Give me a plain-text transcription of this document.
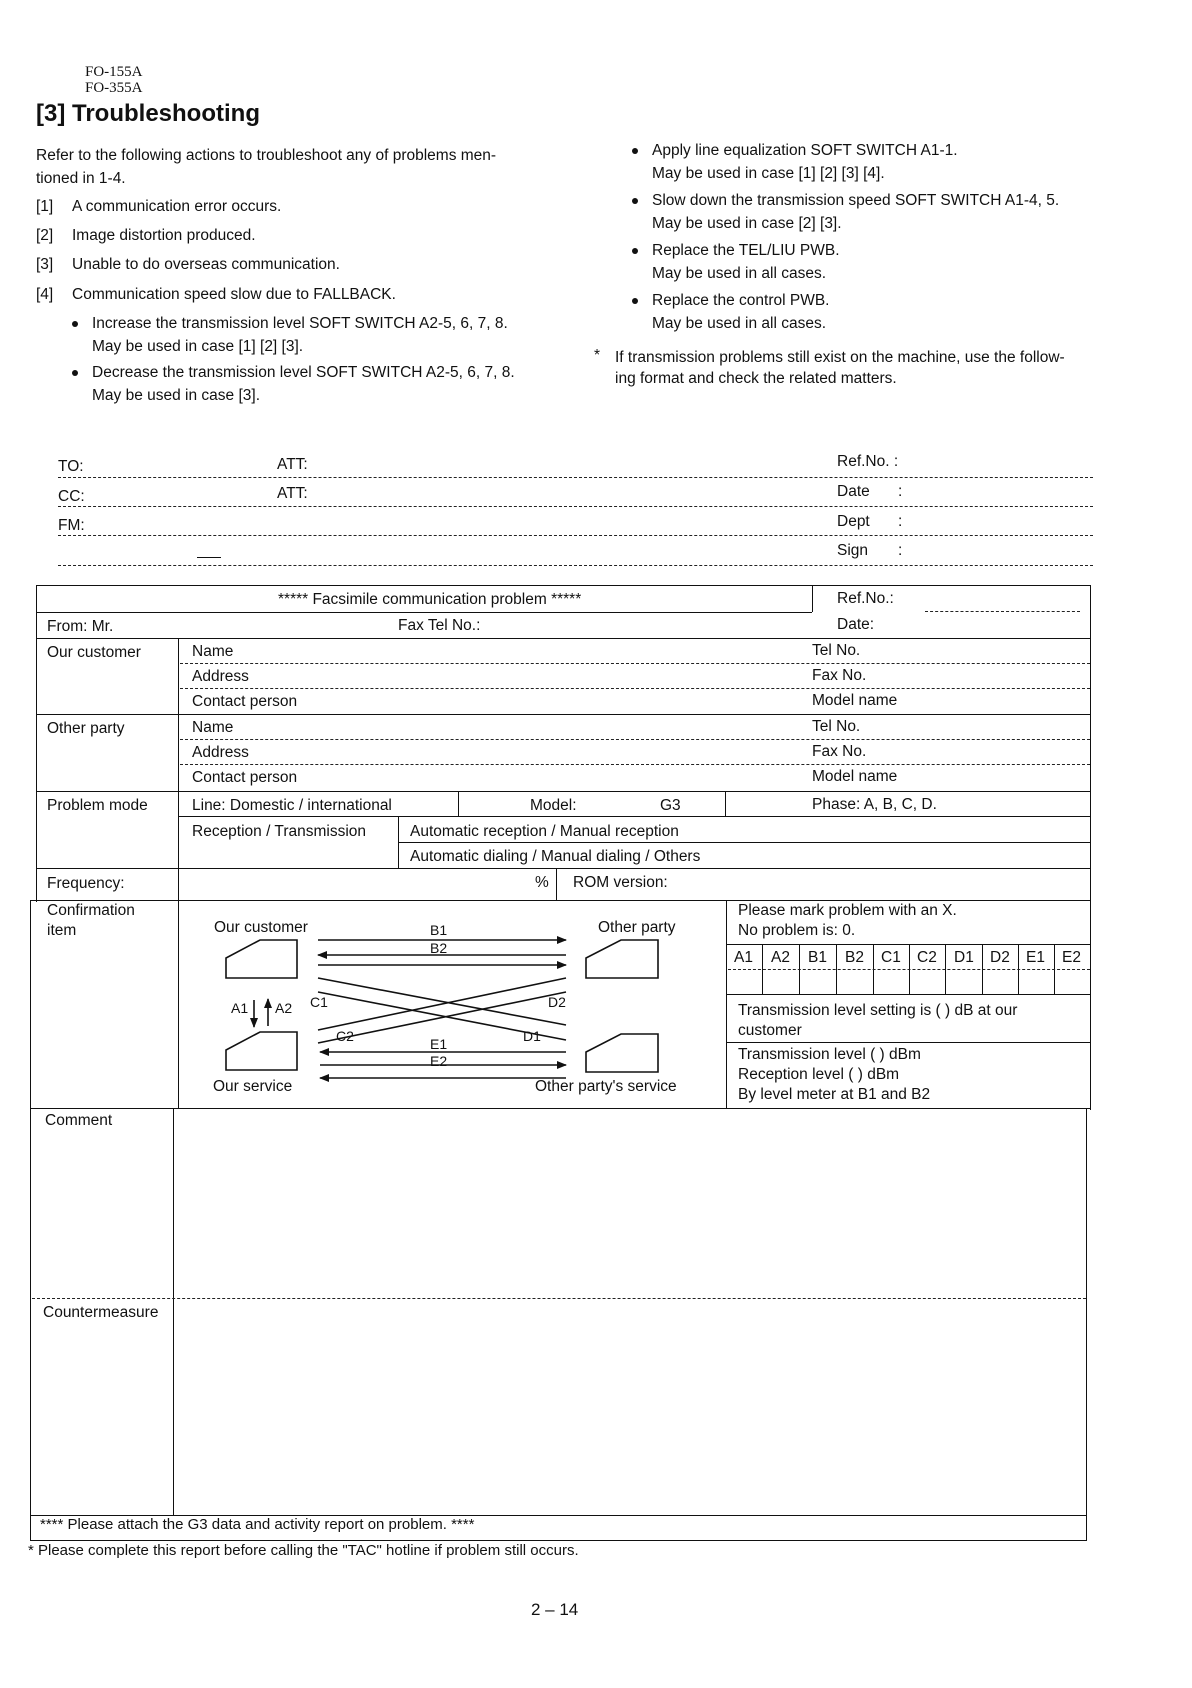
FO-155A
FO-355A
[3] Troubleshooting
Refer to the following actions to troubleshoot any of problems men-
tioned in 1-4.
[1] A communication error occurs.
[2] Image distortion produced.
[3] Unable to do overseas communication.
[4] Communication speed slow due to FALLBACK.
Increase the transmission level SOFT SWITCH A2-5, 6, 7, 8.
May be used in case [1] [2] [3].
Decrease the transmission level SOFT SWITCH A2-5, 6, 7, 8.
May be used in case [3].
Apply line equalization SOFT SWITCH A1-1.
May be used in case [1] [2] [3] [4].
Slow down the transmission speed SOFT SWITCH A1-4, 5.
May be used in case [2] [3].
Replace the TEL/LIU PWB.
May be used in all cases.
Replace the control PWB.
May be used in all cases.
* If transmission problems still exist on the machine, use the follow-
ing format and check the related matters.
TO:	ATT:	Ref.No. :
CC:	ATT:	Date :
FM:	Dept :
Sign :
***** Facsimile communication problem *****	Ref.No.:
From: Mr.	Fax Tel No.:	Date:
Our customer	Name	Tel No.
Address	Fax No.
Contact person	Model name
Other party	Name	Tel No.
Address	Fax No.
Contact person	Model name
Problem mode	Line: Domestic / international	Model:	G3	Phase: A, B, C, D.
Reception / Transmission	Automatic reception / Manual reception
Automatic dialing / Manual dialing / Others
Frequency:	% ROM version:
Confirmation
item	Our customer	Other party
Our service	Other party's service
B1
B2
A1 A2 C1	D2
C2	E1
E2
D1
Please mark problem with an X.
No problem is: 0.
A1 A2 B1 B2 C1 C2 D1 D2 E1 E2
Transmission level setting is ( ) dB at our
customer
Transmission level ( ) dBm
Reception level ( ) dBm
By level meter at B1 and B2
Comment
Countermeasure
**** Please attach the G3 data and activity report on problem. ****
* Please complete this report before calling the "TAC" hotline if problem still occurs.
2 – 14
